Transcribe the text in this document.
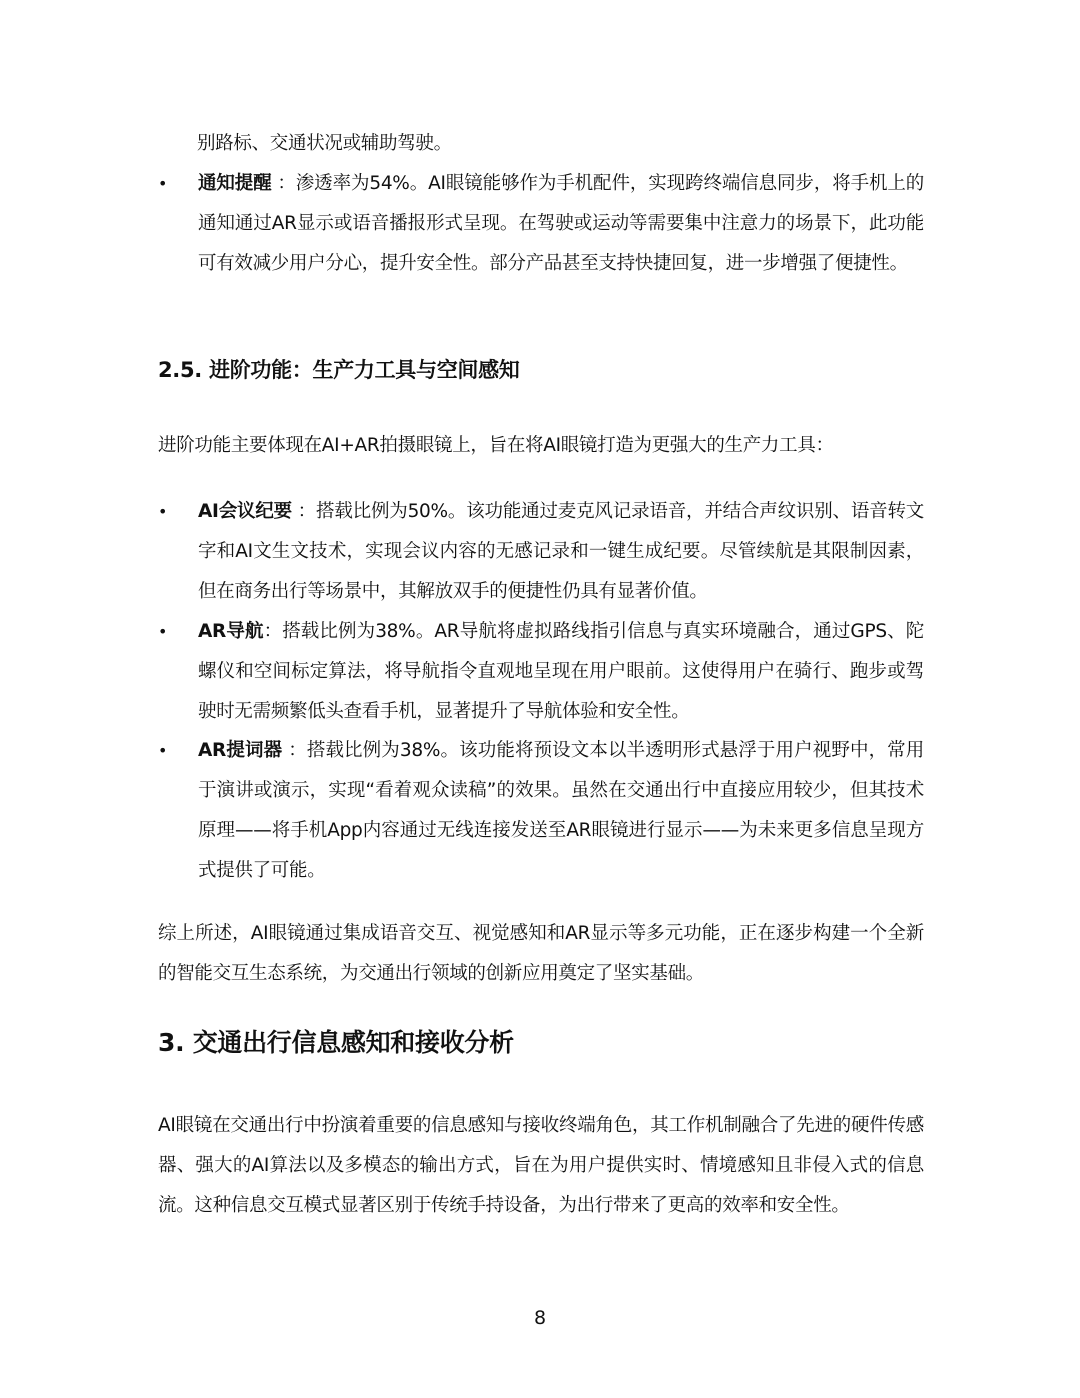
别路标、交通状况或辅助驾驶。
•	通知提醒 ：渗透率为54%。AI眼镜能够作为手机配件，实现跨终端信息同步，将手机上的通知通过AR显示或语音播报形式呈现。在驾驶或运动等需要集中注意力的场景下，此功能可有效减少用户分心，提升安全性。部分产品甚至支持快捷回复，进一步增强了便捷性。
2.5. 进阶功能：生产力工具与空间感知
进阶功能主要体现在AI+AR拍摄眼镜上，旨在将AI眼镜打造为更强大的生产力工具：
•	AI会议纪要 ：搭载比例为50%。该功能通过麦克风记录语音，并结合声纹识别、语音转文字和AI文生文技术，实现会议内容的无感记录和一键生成纪要。尽管续航是其限制因素，但在商务出行等场景中，其解放双手的便捷性仍具有显著价值。
•	AR导航：搭载比例为38%。AR导航将虚拟路线指引信息与真实环境融合，通过GPS、陀螺仪和空间标定算法，将导航指令直观地呈现在用户眼前。这使得用户在骑行、跑步或驾驶时无需频繁低头查看手机，显著提升了导航体验和安全性。
•	AR提词器 ：搭载比例为38%。该功能将预设文本以半透明形式悬浮于用户视野中，常用于演讲或演示，实现“看着观众读稿”的效果。虽然在交通出行中直接应用较少，但其技术原理——将手机App内容通过无线连接发送至AR眼镜进行显示——为未来更多信息呈现方式提供了可能。
综上所述，AI眼镜通过集成语音交互、视觉感知和AR显示等多元功能，正在逐步构建一个全新的智能交互生态系统，为交通出行领域的创新应用奠定了坚实基础。
3. 交通出行信息感知和接收分析
AI眼镜在交通出行中扮演着重要的信息感知与接收终端角色，其工作机制融合了先进的硬件传感器、强大的AI算法以及多模态的输出方式，旨在为用户提供实时、情境感知且非侵入式的信息流。这种信息交互模式显著区别于传统手持设备，为出行带来了更高的效率和安全性。
8
